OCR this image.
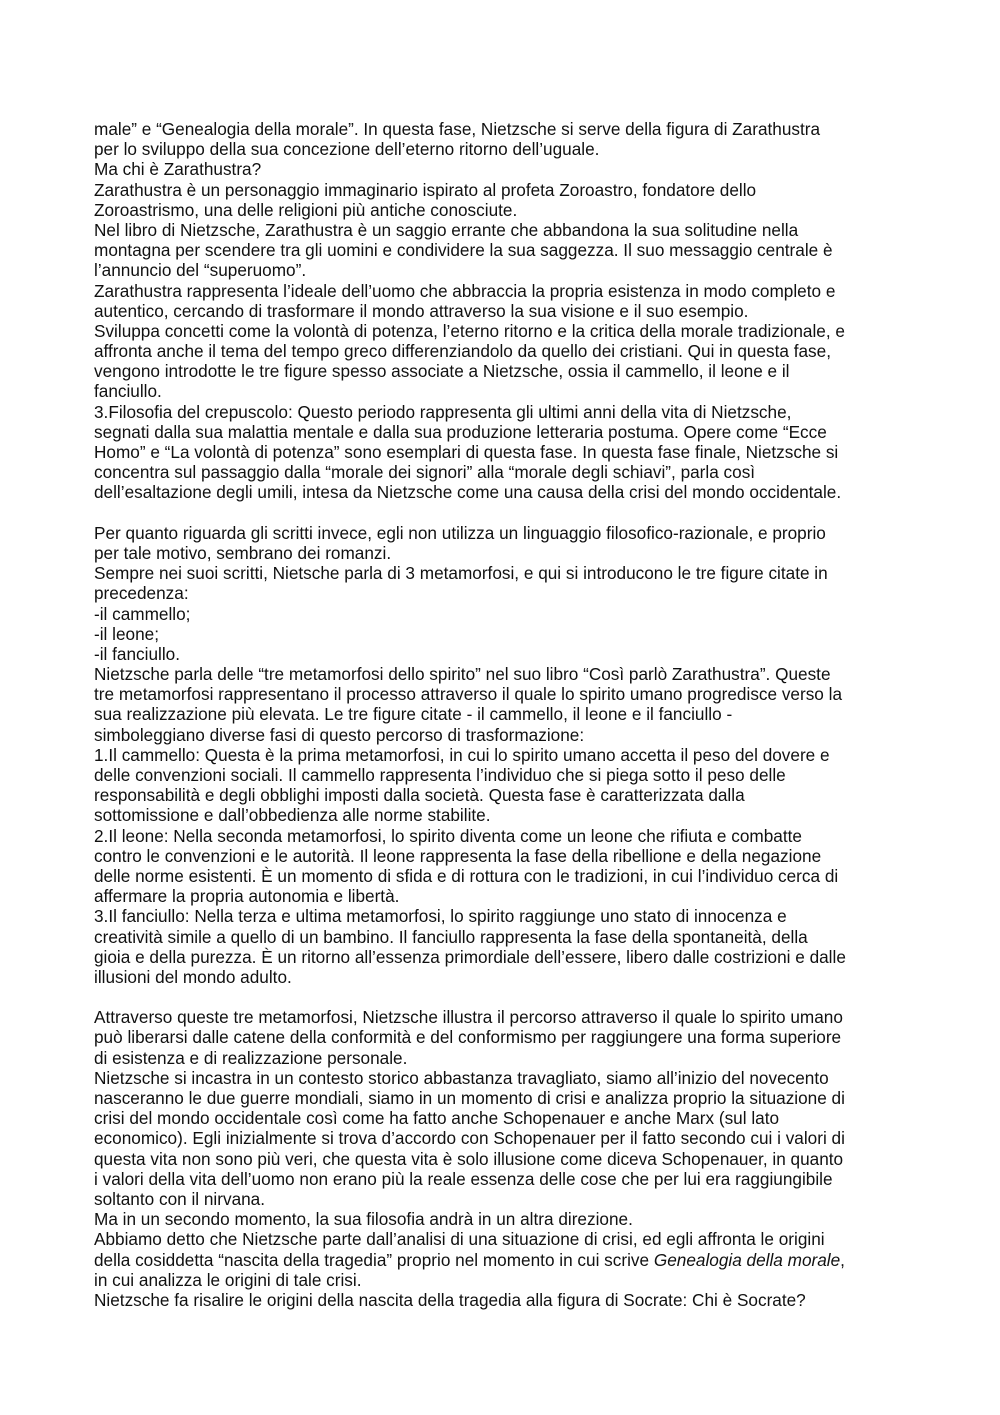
male” e “Genealogia della morale”. In questa fase, Nietzsche si serve della figura di Zarathustra
per lo sviluppo della sua concezione dell’eterno ritorno dell’uguale.
Ma chi è Zarathustra?
Zarathustra è un personaggio immaginario ispirato al profeta Zoroastro, fondatore dello
Zoroastrismo, una delle religioni più antiche conosciute.
Nel libro di Nietzsche, Zarathustra è un saggio errante che abbandona la sua solitudine nella
montagna per scendere tra gli uomini e condividere la sua saggezza. Il suo messaggio centrale è
l’annuncio del “superuomo”.
Zarathustra rappresenta l’ideale dell’uomo che abbraccia la propria esistenza in modo completo e
autentico, cercando di trasformare il mondo attraverso la sua visione e il suo esempio.
Sviluppa concetti come la volontà di potenza, l’eterno ritorno e la critica della morale tradizionale, e
affronta anche il tema del tempo greco differenziandolo da quello dei cristiani. Qui in questa fase,
vengono introdotte le tre figure spesso associate a Nietzsche, ossia il cammello, il leone e il
fanciullo.
3.Filosofia del crepuscolo: Questo periodo rappresenta gli ultimi anni della vita di Nietzsche,
segnati dalla sua malattia mentale e dalla sua produzione letteraria postuma. Opere come “Ecce
Homo” e “La volontà di potenza” sono esemplari di questa fase. In questa fase finale, Nietzsche si
concentra sul passaggio dalla “morale dei signori” alla “morale degli schiavi”, parla così
dell’esaltazione degli umili, intesa da Nietzsche come una causa della crisi del mondo occidentale.
Per quanto riguarda gli scritti invece, egli non utilizza un linguaggio filosofico-razionale, e proprio
per tale motivo, sembrano dei romanzi.
Sempre nei suoi scritti, Nietsche parla di 3 metamorfosi, e qui si introducono le tre figure citate in
precedenza:
-il cammello;
-il leone;
-il fanciullo.
Nietzsche parla delle “tre metamorfosi dello spirito” nel suo libro “Così parlò Zarathustra”. Queste
tre metamorfosi rappresentano il processo attraverso il quale lo spirito umano progredisce verso la
sua realizzazione più elevata. Le tre figure citate - il cammello, il leone e il fanciullo -
simboleggiano diverse fasi di questo percorso di trasformazione:
1.Il cammello: Questa è la prima metamorfosi, in cui lo spirito umano accetta il peso del dovere e
delle convenzioni sociali. Il cammello rappresenta l’individuo che si piega sotto il peso delle
responsabilità e degli obblighi imposti dalla società. Questa fase è caratterizzata dalla
sottomissione e dall’obbedienza alle norme stabilite.
2.Il leone: Nella seconda metamorfosi, lo spirito diventa come un leone che rifiuta e combatte
contro le convenzioni e le autorità. Il leone rappresenta la fase della ribellione e della negazione
delle norme esistenti. È un momento di sfida e di rottura con le tradizioni, in cui l’individuo cerca di
affermare la propria autonomia e libertà.
3.Il fanciullo: Nella terza e ultima metamorfosi, lo spirito raggiunge uno stato di innocenza e
creatività simile a quello di un bambino. Il fanciullo rappresenta la fase della spontaneità, della
gioia e della purezza. È un ritorno all’essenza primordiale dell’essere, libero dalle costrizioni e dalle
illusioni del mondo adulto.
Attraverso queste tre metamorfosi, Nietzsche illustra il percorso attraverso il quale lo spirito umano
può liberarsi dalle catene della conformità e del conformismo per raggiungere una forma superiore
di esistenza e di realizzazione personale.
Nietzsche si incastra in un contesto storico abbastanza travagliato, siamo all’inizio del novecento
nasceranno le due guerre mondiali, siamo in un momento di crisi e analizza proprio la situazione di
crisi del mondo occidentale così come ha fatto anche Schopenauer e anche Marx (sul lato
economico). Egli inizialmente si trova d’accordo con Schopenauer per il fatto secondo cui i valori di
questa vita non sono più veri, che questa vita è solo illusione come diceva Schopenauer, in quanto
i valori della vita dell’uomo non erano più la reale essenza delle cose che per lui era raggiungibile
soltanto con il nirvana.
Ma in un secondo momento, la sua filosofia andrà in un altra direzione.
Abbiamo detto che Nietzsche parte dall’analisi di una situazione di crisi, ed egli affronta le origini
della cosiddetta “nascita della tragedia” proprio nel momento in cui scrive Genealogia della morale,
in cui analizza le origini di tale crisi.
Nietzsche fa risalire le origini della nascita della tragedia alla figura di Socrate: Chi è Socrate?
